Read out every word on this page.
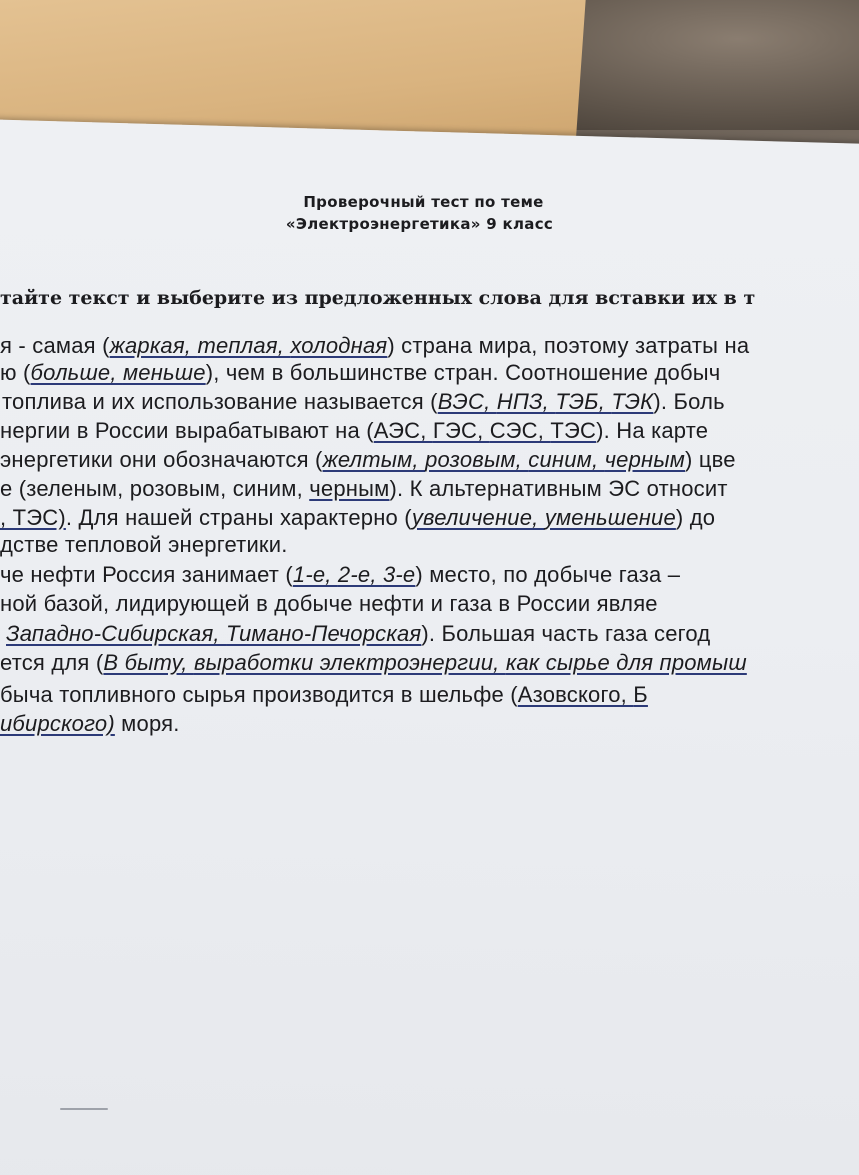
Проверочный тест по теме
«Электроэнергетика» 9 класс
тайте текст и выберите из предложенных слова для вставки их в т
я - самая (жаркая, теплая, холодная) страна мира, поэтому затраты на
ю (больше, меньше), чем в большинстве стран. Соотношение добыч
топлива и их использование называется (ВЭС, НПЗ, ТЭБ, ТЭК). Боль
нергии в России вырабатывают на (АЭС, ГЭС, СЭС, ТЭС). На карте
энергетики они обозначаются (желтым, розовым, синим, черным) цве
е (зеленым, розовым, синим, черным). К альтернативным ЭС относит
, ТЭС). Для нашей страны характерно (увеличение, уменьшение) до
дстве тепловой энергетики.
че нефти Россия занимает (1-е, 2-е, 3-е) место, по добыче газа –
ной базой, лидирующей в добыче нефти и газа в России являе
Западно-Сибирская, Тимано-Печорская). Большая часть газа сегод
ется для (В быту, выработки электроэнергии, как сырье для промыш
быча топливного сырья производится в шельфе (Азовского, Б
ибирского) моря.
